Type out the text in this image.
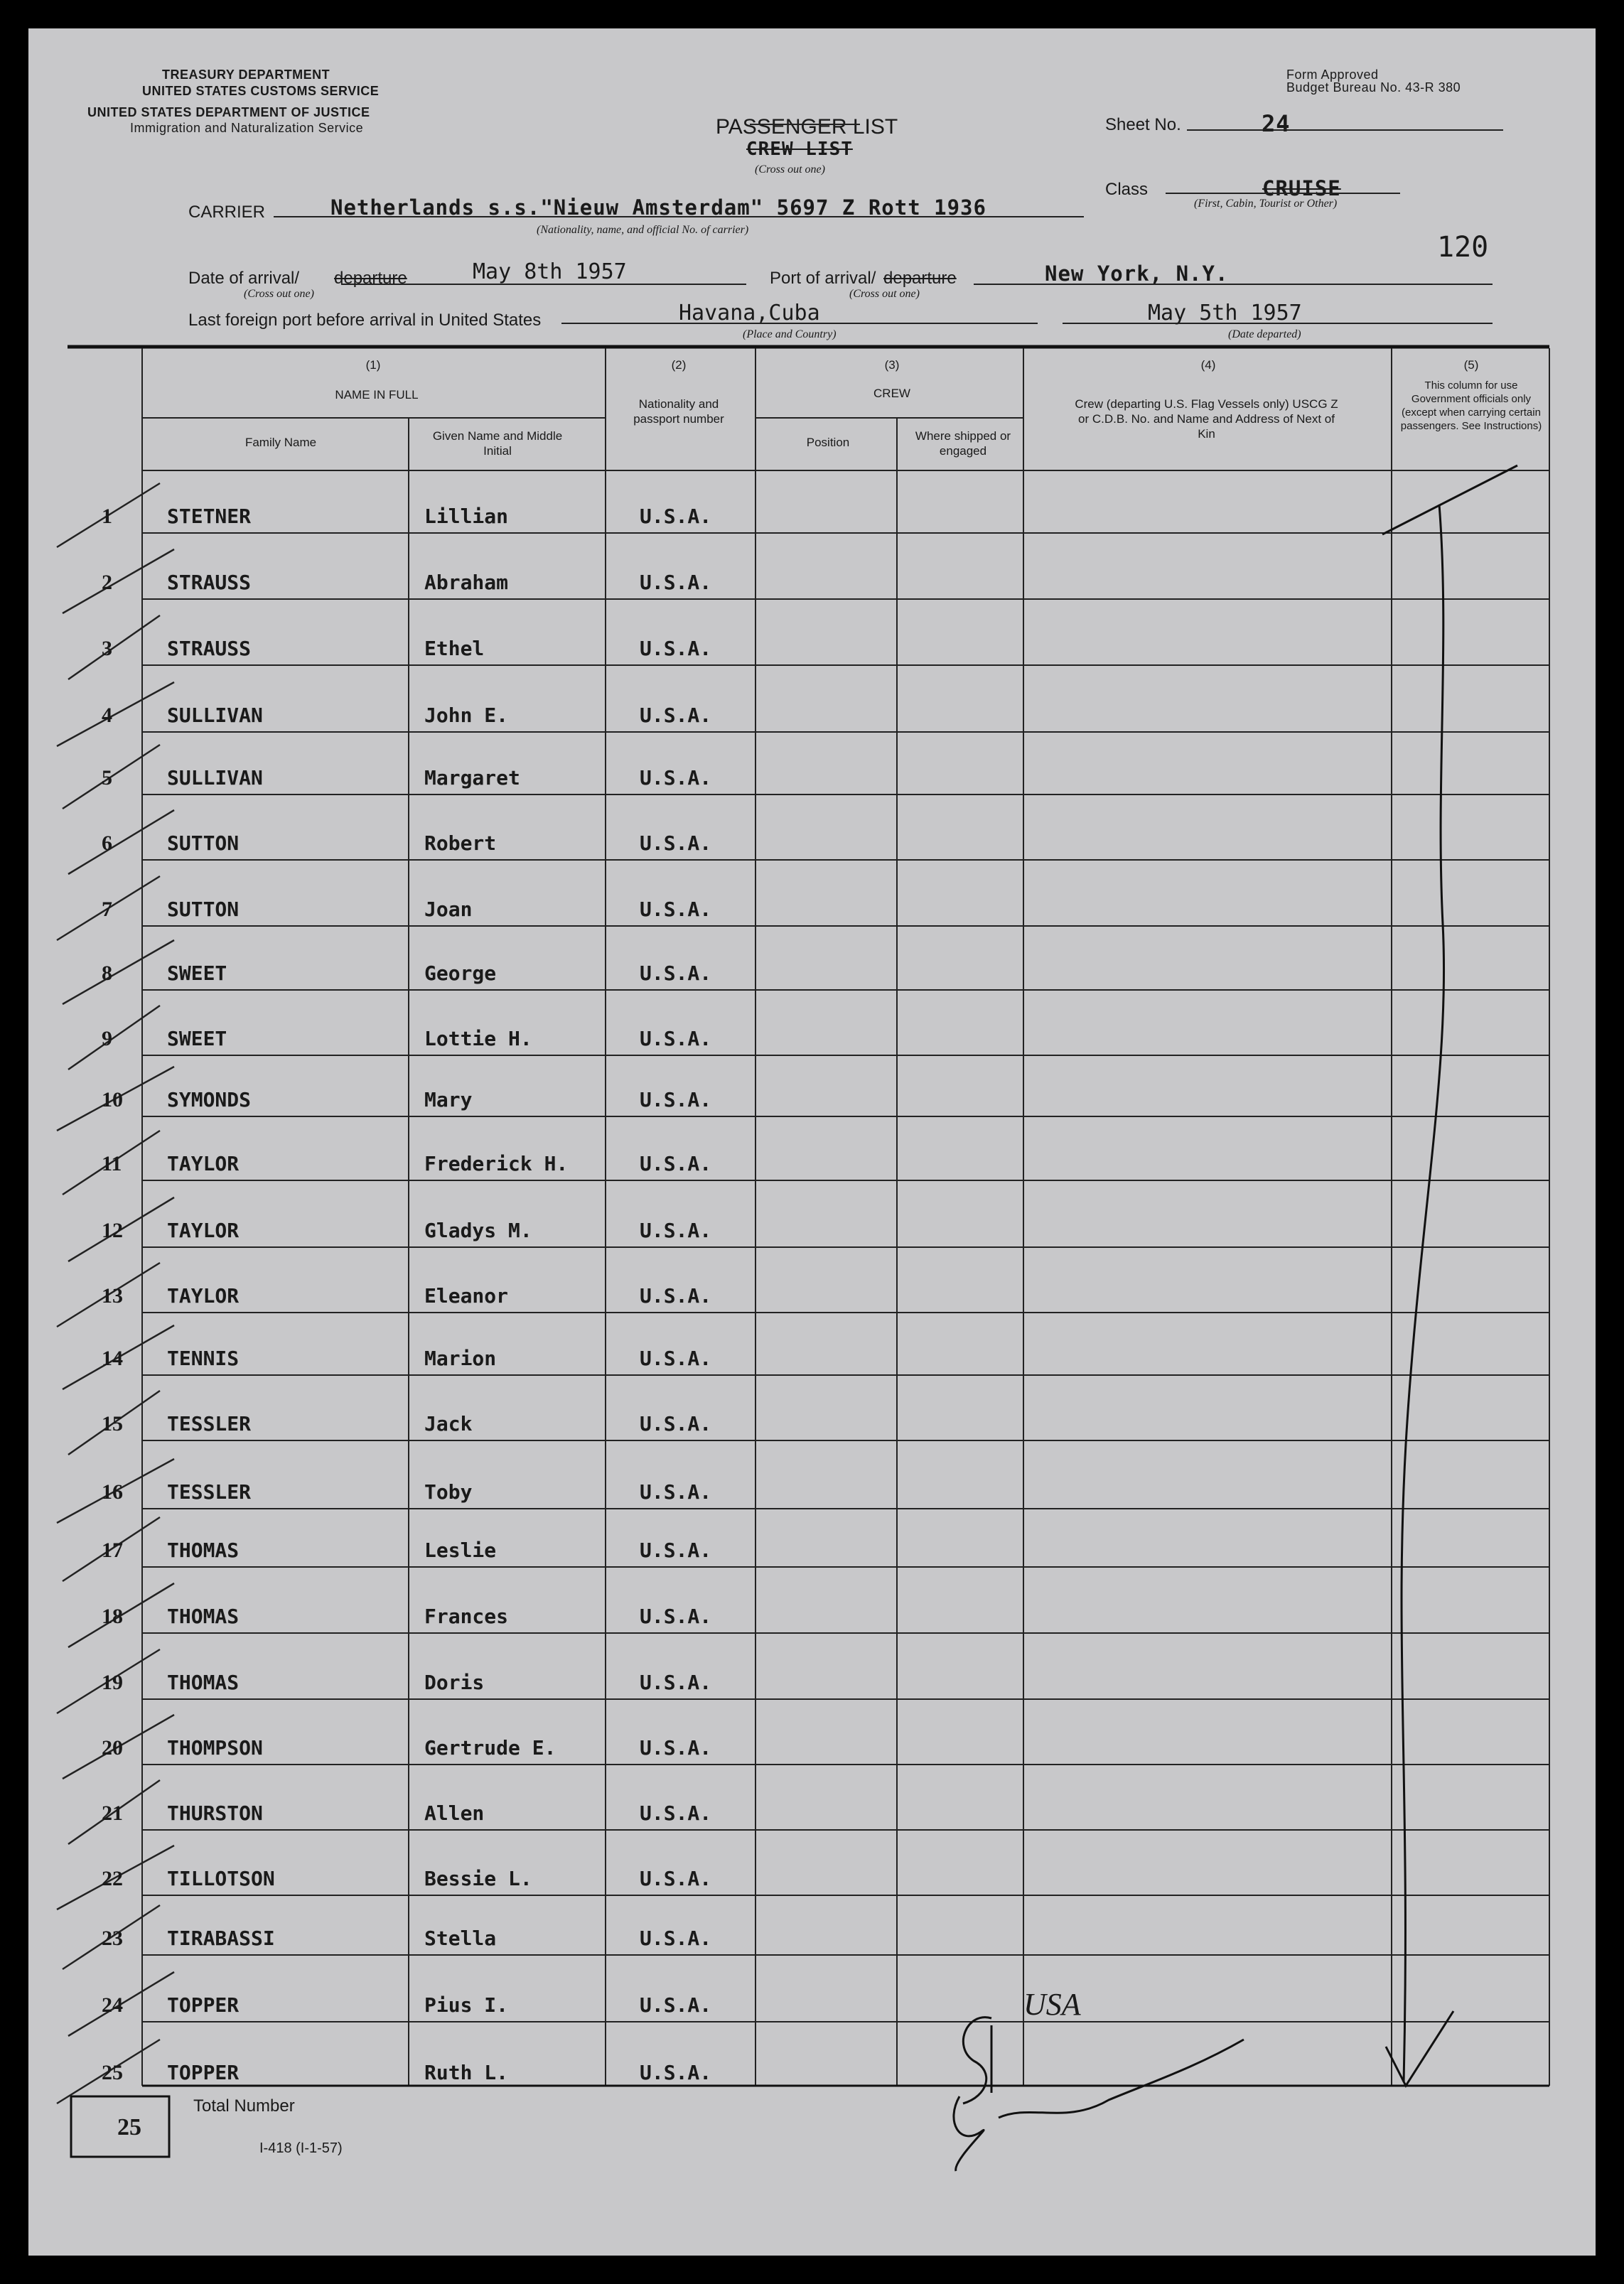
TREASURY DEPARTMENT
UNITED STATES CUSTOMS SERVICE
UNITED STATES DEPARTMENT OF JUSTICE
Immigration and Naturalization Service
Form Approved
Budget Bureau No. 43-R 380
PASSENGER LIST
CREW LIST
(Cross out one)
Sheet No.	24
Class	CRUISE
(First, Cabin, Tourist or Other)
120
CARRIER	Netherlands s.s."Nieuw Amsterdam" 5697 Z Rott 1936
(Nationality, name, and official No. of carrier)
Date of arrival/ departure
(Cross out one)
May 8th 1957	Port of arrival/ departure
(Cross out one)
New York, N.Y.
Last foreign port before arrival in United States	Havana,Cuba
(Place and Country)
May 5th 1957
(Date departed)
(1)
NAME IN FULL
Family Name	Given Name and Middle Initial
(2)
Nationality and passport number
(3)
CREW
Position	Where shipped or engaged
(4)
Crew (departing U.S. Flag Vessels only) USCG Z or C.D.B. No. and Name and Address of Next of Kin
(5)
This column for use Government officials only (except when carrying certain passengers. See Instructions)
USA
1	STETNER	Lillian	U.S.A.
2	STRAUSS	Abraham	U.S.A.
3	STRAUSS	Ethel	U.S.A.
4	SULLIVAN	John E.	U.S.A.
5	SULLIVAN	Margaret	U.S.A.
6	SUTTON	Robert	U.S.A.
7	SUTTON	Joan	U.S.A.
8	SWEET	George	U.S.A.
9	SWEET	Lottie H.	U.S.A.
10 SYMONDS	Mary	U.S.A.
11 TAYLOR	Frederick H.	U.S.A.
12 TAYLOR	Gladys M.	U.S.A.
13 TAYLOR	Eleanor	U.S.A.
14 TENNIS	Marion	U.S.A.
15 TESSLER	Jack	U.S.A.
16 TESSLER	Toby	U.S.A.
17 THOMAS	Leslie	U.S.A.
18 THOMAS	Frances	U.S.A.
19 THOMAS	Doris	U.S.A.
20 THOMPSON	Gertrude E.	U.S.A.
21 THURSTON	Allen	U.S.A.
22 TILLOTSON	Bessie L.	U.S.A.
23 TIRABASSI	Stella	U.S.A.
24 TOPPER	Pius I.	U.S.A.
25 TOPPER	Ruth L.	U.S.A.
25
Total Number
I-418 (I-1-57)
